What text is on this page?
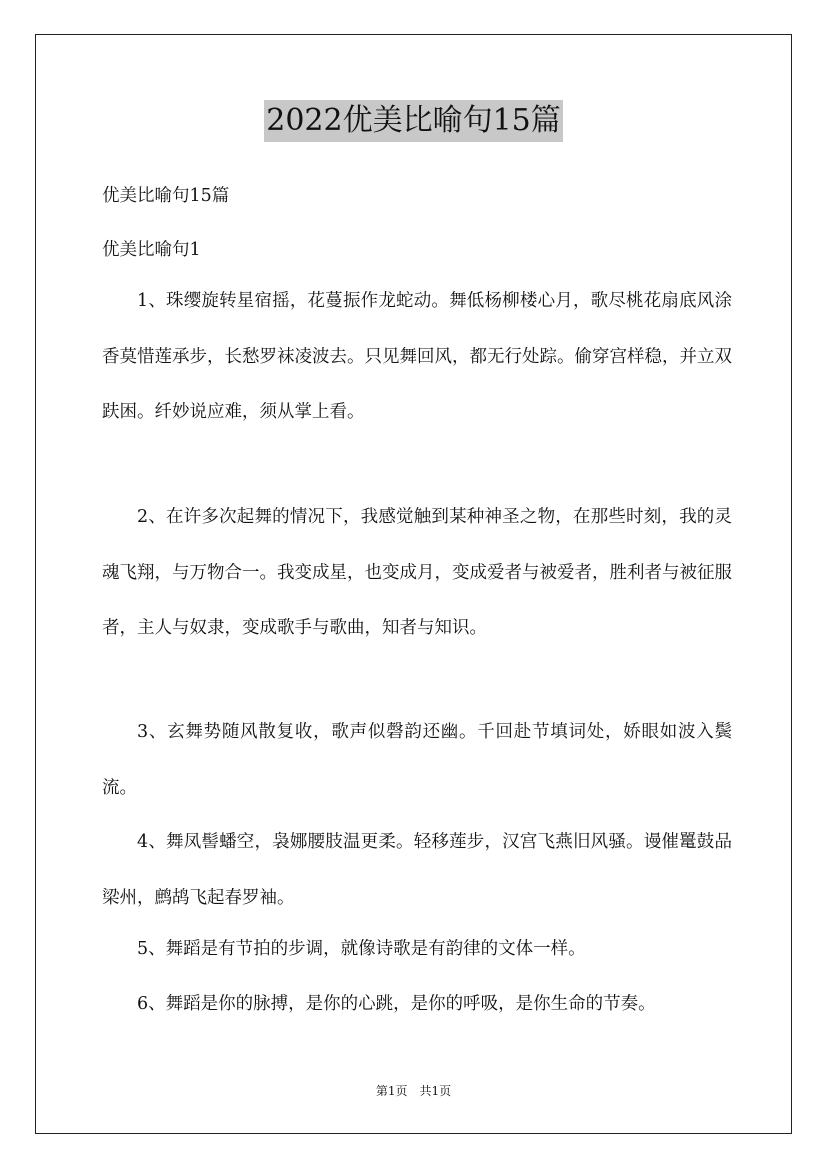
2022优美比喻句15篇
优美比喻句15篇
优美比喻句1
1、珠缨旋转星宿摇，花蔓振作龙蛇动。舞低杨柳楼心月，歌尽桃花扇底风涂香莫惜莲承步，长愁罗袜凌波去。只见舞回风，都无行处踪。偷穿宫样稳，并立双趺困。纤妙说应难，须从掌上看。
2、在许多次起舞的情况下，我感觉触到某种神圣之物，在那些时刻，我的灵魂飞翔，与万物合一。我变成星，也变成月，变成爱者与被爱者，胜利者与被征服者，主人与奴隶，变成歌手与歌曲，知者与知识。
3、玄舞势随风散复收，歌声似磬韵还幽。千回赴节填词处，娇眼如波入鬓流。
4、舞凤髻蟠空，袅娜腰肢温更柔。轻移莲步，汉宫飞燕旧风骚。谩催鼍鼓品梁州，鹧鸪飞起春罗袖。
5、舞蹈是有节拍的步调，就像诗歌是有韵律的文体一样。
6、舞蹈是你的脉搏，是你的心跳，是你的呼吸，是你生命的节奏。
第1页　共1页
